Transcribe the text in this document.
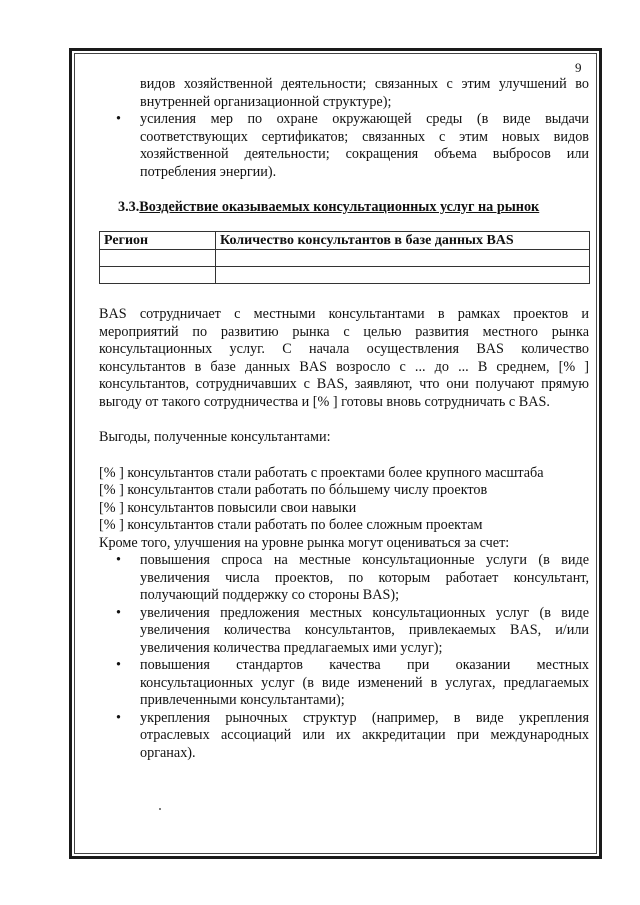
9
видов хозяйственной деятельности; связанных с этим улучшений во внутренней организационной структуре);
• усиления мер по охране окружающей среды (в виде выдачи соответствующих сертификатов; связанных с этим новых видов хозяйственной деятельности; сокращения объема выбросов или потребления энергии).
3.3.Воздействие оказываемых консультационных услуг на рынок
Регион	Количество консультантов в базе данных BAS

BAS сотрудничает с местными консультантами в рамках проектов и мероприятий по развитию рынка с целью развития местного рынка консультационных услуг. С начала осуществления BAS количество консультантов в базе данных BAS возросло с ... до ... В среднем, [% ] консультантов, сотрудничавших с BAS, заявляют, что они получают прямую выгоду от такого сотрудничества и [% ] готовы вновь сотрудничать с BAS.

Выгоды, полученные консультантами:

[% ] консультантов стали работать с проектами более крупного масштаба
[% ] консультантов стали работать по бóльшему числу проектов
[% ] консультантов повысили свои навыки
[% ] консультантов стали работать по более сложным проектам
Кроме того, улучшения на уровне рынка могут оцениваться за счет:
• повышения спроса на местные консультационные услуги (в виде увеличения числа проектов, по которым работает консультант, получающий поддержку со стороны BAS);
• увеличения предложения местных консультационных услуг (в виде увеличения количества консультантов, привлекаемых BAS, и/или увеличения количества предлагаемых ими услуг);
• повышения стандартов качества при оказании местных консультационных услуг (в виде изменений в услугах, предлагаемых привлеченными консультантами);
• укрепления рыночных структур (например, в виде укрепления отраслевых ассоциаций или их аккредитации при международных органах).
